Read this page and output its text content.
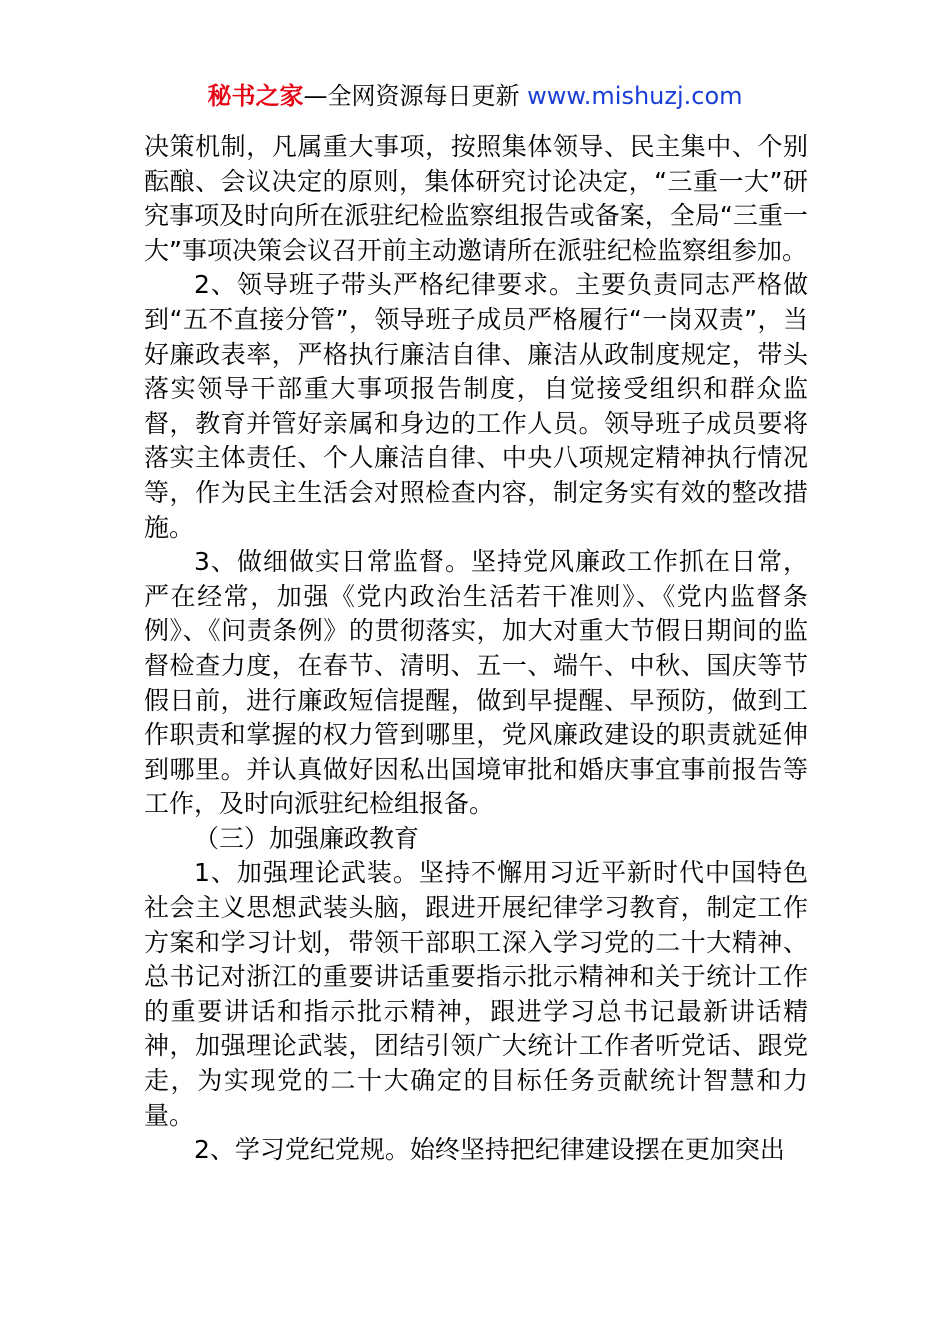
秘书之家—全网资源每日更新 www.mishuzj.com

决策机制，凡属重大事项，按照集体领导、民主集中、个别酝酿、会议决定的原则，集体研究讨论决定，“三重一大”研究事项及时向所在派驻纪检监察组报告或备案，全局“三重一大”事项决策会议召开前主动邀请所在派驻纪检监察组参加。

2、领导班子带头严格纪律要求。主要负责同志严格做到“五不直接分管”，领导班子成员严格履行“一岗双责”，当好廉政表率，严格执行廉洁自律、廉洁从政制度规定，带头落实领导干部重大事项报告制度，自觉接受组织和群众监督，教育并管好亲属和身边的工作人员。领导班子成员要将落实主体责任、个人廉洁自律、中央八项规定精神执行情况等，作为民主生活会对照检查内容，制定务实有效的整改措施。

3、做细做实日常监督。坚持党风廉政工作抓在日常，严在经常，加强《党内政治生活若干准则》、《党内监督条例》、《问责条例》的贯彻落实，加大对重大节假日期间的监督检查力度，在春节、清明、五一、端午、中秋、国庆等节假日前，进行廉政短信提醒，做到早提醒、早预防，做到工作职责和掌握的权力管到哪里，党风廉政建设的职责就延伸到哪里。并认真做好因私出国境审批和婚庆事宜事前报告等工作，及时向派驻纪检组报备。

（三）加强廉政教育

1、加强理论武装。坚持不懈用习近平新时代中国特色社会主义思想武装头脑，跟进开展纪律学习教育，制定工作方案和学习计划，带领干部职工深入学习党的二十大精神、总书记对浙江的重要讲话重要指示批示精神和关于统计工作的重要讲话和指示批示精神，跟进学习总书记最新讲话精神，加强理论武装，团结引领广大统计工作者听党话、跟党走，为实现党的二十大确定的目标任务贡献统计智慧和力量。

2、学习党纪党规。始终坚持把纪律建设摆在更加突出
